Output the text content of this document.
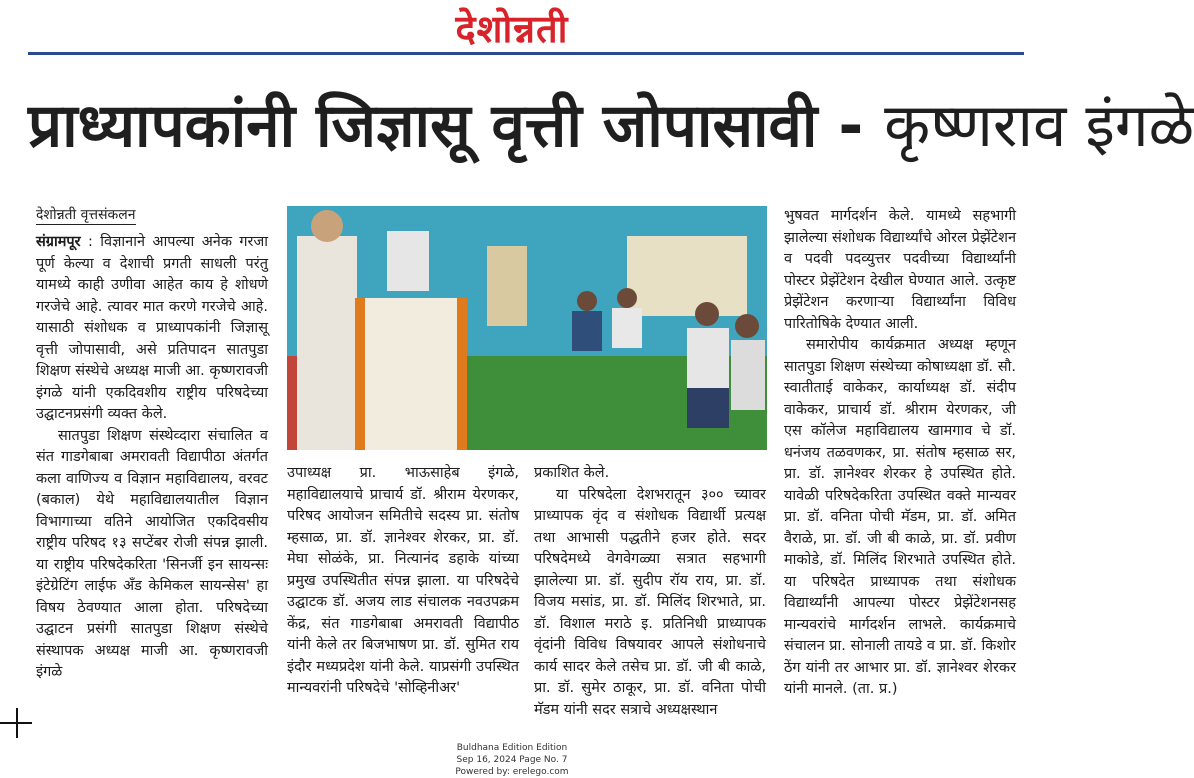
देशोन्नती
प्राध्यापकांनी जिज्ञासू वृत्ती जोपासावी - कृष्णराव इंगळे
देशोन्नती वृत्तसंकलन

संग्रामपूर : विज्ञानाने आपल्या अनेक गरजा पूर्ण केल्या व देशाची प्रगती साधली परंतु यामध्ये काही उणीवा आहेत काय हे शोधणे गरजेचे आहे. त्यावर मात करणे गरजेचे आहे. यासाठी संशोधक व प्राध्यापकांनी जिज्ञासू वृत्ती जोपासावी, असे प्रतिपादन सातपुडा शिक्षण संस्थेचे अध्यक्ष माजी आ. कृष्णरावजी इंगळे यांनी एकदिवशीय राष्ट्रीय परिषदेच्या उद्घाटनप्रसंगी व्यक्त केले.

सातपुडा शिक्षण संस्थेव्दारा संचालित व संत गाडगेबाबा अमरावती विद्यापीठा अंतर्गत कला वाणिज्य व विज्ञान महाविद्यालय, वरवट (बकाल) येथे महाविद्यालयातील विज्ञान विभागाच्या वतिने आयोजित एकदिवसीय राष्ट्रीय परिषद १३ सप्टेंबर रोजी संपन्न झाली. या राष्ट्रीय परिषदेकरिता 'सिनर्जी इन सायन्सः इंटेग्रेटिंग लाईफ अँड केमिकल सायन्सेस' हा विषय ठेवण्यात आला होता. परिषदेच्या उद्घाटन प्रसंगी सातपुडा शिक्षण संस्थेचे संस्थापक अध्यक्ष माजी आ. कृष्णरावजी इंगळे

उपाध्यक्ष प्रा. भाऊसाहेब इंगळे, महाविद्यालयाचे प्राचार्य डॉ. श्रीराम येरणकर, परिषद आयोजन समितीचे सदस्य प्रा. संतोष म्हसाळ, प्रा. डॉ. ज्ञानेश्वर शेरकर, प्रा. डॉ. मेघा सोळंके, प्रा. नित्यानंद डहाके यांच्या प्रमुख उपस्थितीत संपन्न झाला. या परिषदेचे उद्घाटक डॉ. अजय लाड संचालक नवउपक्रम केंद्र, संत गाडगेबाबा अमरावती विद्यापीठ यांनी केले तर बिजभाषण प्रा. डॉ. सुमित राय इंदौर मध्यप्रदेश यांनी केले. याप्रसंगी उपस्थित मान्यवरांनी परिषदेचे 'सोव्हिनीअर'

प्रकाशित केले.

या परिषदेला देशभरातून ३०० च्यावर प्राध्यापक वृंद व संशोधक विद्यार्थी प्रत्यक्ष तथा आभासी पद्धतीने हजर होते. सदर परिषदेमध्ये वेगवेगळ्या सत्रात सहभागी झालेल्या प्रा. डॉ. सुदीप रॉय राय, प्रा. डॉ. विजय मसांड, प्रा. डॉ. मिलिंद शिरभाते, प्रा. डॉ. विशाल मराठे इ. प्रतिनिधी प्राध्यापक वृंदांनी विविध विषयावर आपले संशोधनाचे कार्य सादर केले तसेच प्रा. डॉ. जी बी काळे, प्रा. डॉ. सुमेर ठाकूर, प्रा. डॉ. वनिता पोची मॅडम यांनी सदर सत्राचे अध्यक्षस्थान

भुषवत मार्गदर्शन केले. यामध्ये सहभागी झालेल्या संशोधक विद्यार्थ्यांचे ओरल प्रेझेंटेशन व पदवी पदव्युत्तर पदवीच्या विद्यार्थ्यांनी पोस्टर प्रेझेंटेशन देखील घेण्यात आले. उत्कृष्ट प्रेझेंटेशन करणाऱ्या विद्यार्थ्यांना विविध पारितोषिके देण्यात आली.

समारोपीय कार्यक्रमात अध्यक्ष म्हणून सातपुडा शिक्षण संस्थेच्या कोषाध्यक्षा डॉ. सौ. स्वातीताई वाकेकर, कार्याध्यक्ष डॉ. संदीप वाकेकर, प्राचार्य डॉ. श्रीराम येरणकर, जी एस कॉलेज महाविद्यालय खामगाव चे डॉ. धनंजय तळवणकर, प्रा. संतोष म्हसाळ सर, प्रा. डॉ. ज्ञानेश्वर शेरकर हे उपस्थित होते. यावेळी परिषदेकरिता उपस्थित वक्ते मान्यवर प्रा. डॉ. वनिता पोची मॅडम, प्रा. डॉ. अमित वैराळे, प्रा. डॉ. जी बी काळे, प्रा. डॉ. प्रवीण माकोडे, डॉ. मिलिंद शिरभाते उपस्थित होते. या परिषदेत प्राध्यापक तथा संशोधक विद्यार्थ्यांनी आपल्या पोस्टर प्रेझेंटेशनसह मान्यवरांचे मार्गदर्शन लाभले. कार्यक्रमाचे संचालन प्रा. सोनाली तायडे व प्रा. डॉ. किशोर ठेंग यांनी तर आभार प्रा. डॉ. ज्ञानेश्वर शेरकर यांनी मानले. (ता. प्र.)

Buldhana Edition Edition
Sep 16, 2024 Page No. 7
Powered by: erelego.com
